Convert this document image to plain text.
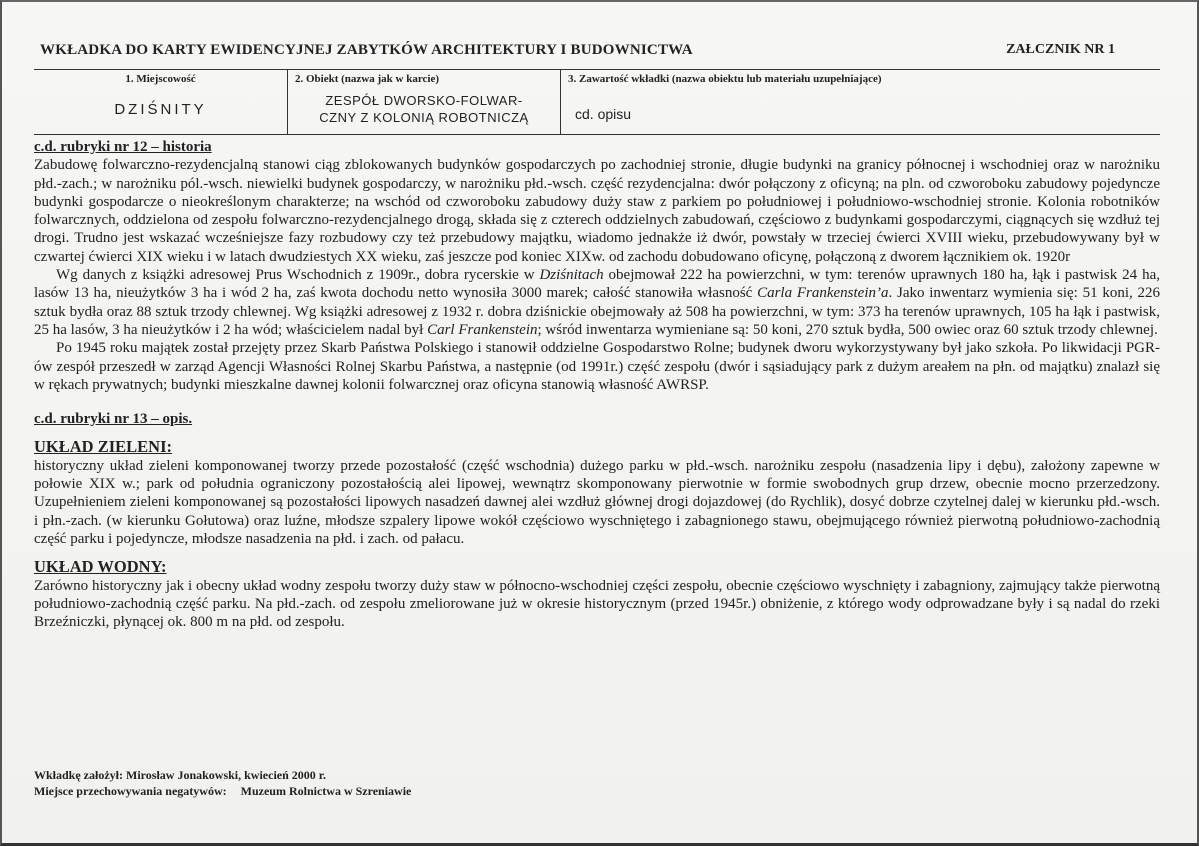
WKŁADKA DO KARTY EWIDENCYJNEJ ZABYTKÓW ARCHITEKTURY I BUDOWNICTWA	ZAŁCZNIK NR 1
1. Miejscowość
DZIŚNITY
2. Obiekt (nazwa jak w karcie)
ZESPÓŁ DWORSKO-FOLWAR-
CZNY Z KOLONIĄ ROBOTNICZĄ
3. Zawartość wkładki (nazwa obiektu lub materiału uzupełniające)
cd. opisu
c.d. rubryki nr 12 – historia

Zabudowę folwarczno-rezydencjalną stanowi ciąg zblokowanych budynków gospodarczych po zachodniej stronie, długie budynki na granicy północnej i wschodniej oraz w narożniku płd.-zach.; w narożniku pól.-wsch. niewielki budynek gospodarczy, w narożniku płd.-wsch. część rezydencjalna: dwór połączony z oficyną; na pln. od czworoboku zabudowy pojedyncze budynki gospodarcze o nieokreślonym charakterze; na wschód od czworoboku zabudowy duży staw z parkiem po południowej i południowo-wschodniej stronie. Kolonia robotników folwarcznych, oddzielona od zespołu folwarczno-rezydencjalnego drogą, składa się z czterech oddzielnych zabudowań, częściowo z budynkami gospodarczymi, ciągnących się wzdłuż tej drogi. Trudno jest wskazać wcześniejsze fazy rozbudowy czy też przebudowy majątku, wiadomo jednakże iż dwór, powstały w trzeciej ćwierci XVIII wieku, przebudowywany był w czwartej ćwierci XIX wieku i w latach dwudziestych XX wieku, zaś jeszcze pod koniec XIXw. od zachodu dobudowano oficynę, połączoną z dworem łącznikiem ok. 1920r

Wg danych z książki adresowej Prus Wschodnich z 1909r., dobra rycerskie w Dziśnitach obejmował 222 ha powierzchni, w tym: terenów uprawnych 180 ha, łąk i pastwisk 24 ha, lasów 13 ha, nieużytków 3 ha i wód 2 ha, zaś kwota dochodu netto wynosiła 3000 marek; całość stanowiła własność Carla Frankenstein’a. Jako inwentarz wymienia się: 51 koni, 226 sztuk bydła oraz 88 sztuk trzody chlewnej. Wg książki adresowej z 1932 r. dobra dziśnickie obejmowały aż 508 ha powierzchni, w tym: 373 ha terenów uprawnych, 105 ha łąk i pastwisk, 25 ha lasów, 3 ha nieużytków i 2 ha wód; właścicielem nadal był Carl Frankenstein; wśród inwentarza wymieniane są: 50 koni, 270 sztuk bydła, 500 owiec oraz 60 sztuk trzody chlewnej.

Po 1945 roku majątek został przejęty przez Skarb Państwa Polskiego i stanowił oddzielne Gospodarstwo Rolne; budynek dworu wykorzystywany był jako szkoła. Po likwidacji PGR-ów zespół przeszedł w zarząd Agencji Własności Rolnej Skarbu Państwa, a następnie (od 1991r.) część zespołu (dwór i sąsiadujący park z dużym areałem na płn. od majątku) znalazł się w rękach prywatnych; budynki mieszkalne dawnej kolonii folwarcznej oraz oficyna stanowią własność AWRSP.

c.d. rubryki nr 13 – opis.
UKŁAD ZIELENI:

historyczny układ zieleni komponowanej tworzy przede pozostałość (część wschodnia) dużego parku w płd.-wsch. narożniku zespołu (nasadzenia lipy i dębu), założony zapewne w połowie XIX w.; park od południa ograniczony pozostałością alei lipowej, wewnątrz skomponowany pierwotnie w formie swobodnych grup drzew, obecnie mocno przerzedzony. Uzupełnieniem zieleni komponowanej są pozostałości lipowych nasadzeń dawnej alei wzdłuż głównej drogi dojazdowej (do Rychlik), dosyć dobrze czytelnej dalej w kierunku płd.-wsch. i płn.-zach. (w kierunku Gołutowa) oraz luźne, młodsze szpalery lipowe wokół częściowo wyschniętego i zabagnionego stawu, obejmującego również pierwotną południowo-zachodnią część parku i pojedyncze, młodsze nasadzenia na płd. i zach. od pałacu.

UKŁAD WODNY:

Zarówno historyczny jak i obecny układ wodny zespołu tworzy duży staw w północno-wschodniej części zespołu, obecnie częściowo wyschnięty i zabagniony, zajmujący także pierwotną południowo-zachodnią część parku. Na płd.-zach. od zespołu zmeliorowane już w okresie historycznym (przed 1945r.) obniżenie, z którego wody odprowadzane były i są nadal do rzeki Brzeźniczki, płynącej ok. 800 m na płd. od zespołu.

Wkładkę założył: Mirosław Jonakowski, kwiecień 2000 r.
Miejsce przechowywania negatywów: Muzeum Rolnictwa w Szreniawie
